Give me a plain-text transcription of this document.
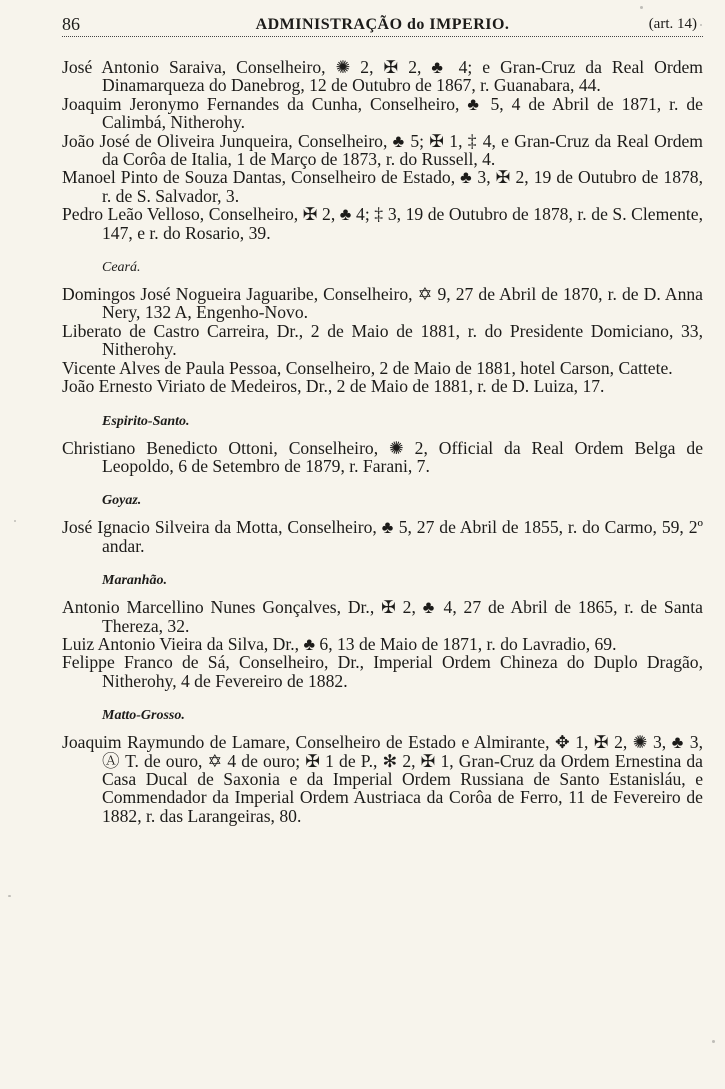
86	ADMINISTRAÇÃO do IMPERIO.	(art. 14)

José Antonio Saraiva, Conselheiro, ✺ 2, ✠ 2, ♣ 4; e Gran-Cruz da Real Ordem Dinamarqueza do Danebrog, 12 de Outubro de 1867, r. Guanabara, 44.

Joaquim Jeronymo Fernandes da Cunha, Conselheiro, ♣ 5, 4 de Abril de 1871, r. de Calimbá, Nitherohy.

João José de Oliveira Junqueira, Conselheiro, ♣ 5; ✠ 1, ‡ 4, e Gran-Cruz da Real Ordem da Corôa de Italia, 1 de Março de 1873, r. do Russell, 4.

Manoel Pinto de Souza Dantas, Conselheiro de Estado, ♣ 3, ✠ 2, 19 de Outubro de 1878, r. de S. Salvador, 3.

Pedro Leão Velloso, Conselheiro, ✠ 2, ♣ 4; ‡ 3, 19 de Outubro de 1878, r. de S. Clemente, 147, e r. do Rosario, 39.

Ceará.

Domingos José Nogueira Jaguaribe, Conselheiro, ✡ 9, 27 de Abril de 1870, r. de D. Anna Nery, 132 A, Engenho-Novo.

Liberato de Castro Carreira, Dr., 2 de Maio de 1881, r. do Presidente Domiciano, 33, Nitherohy.

Vicente Alves de Paula Pessoa, Conselheiro, 2 de Maio de 1881, hotel Carson, Cattete.

João Ernesto Viriato de Medeiros, Dr., 2 de Maio de 1881, r. de D. Luiza, 17.

Espirito-Santo.

Christiano Benedicto Ottoni, Conselheiro, ✺ 2, Official da Real Ordem Belga de Leopoldo, 6 de Setembro de 1879, r. Farani, 7.

Goyaz.

José Ignacio Silveira da Motta, Conselheiro, ♣ 5, 27 de Abril de 1855, r. do Carmo, 59, 2º andar.

Maranhão.

Antonio Marcellino Nunes Gonçalves, Dr., ✠ 2, ♣ 4, 27 de Abril de 1865, r. de Santa Thereza, 32.

Luiz Antonio Vieira da Silva, Dr., ♣ 6, 13 de Maio de 1871, r. do Lavradio, 69.

Felippe Franco de Sá, Conselheiro, Dr., Imperial Ordem Chineza do Duplo Dragão, Nitherohy, 4 de Fevereiro de 1882.

Matto-Grosso.

Joaquim Raymundo de Lamare, Conselheiro de Estado e Almirante, ✥ 1, ✠ 2, ✺ 3, ♣ 3, Ⓐ T. de ouro, ✡ 4 de ouro; ✠ 1 de P., ✻ 2, ✠ 1, Gran-Cruz da Ordem Ernestina da Casa Ducal de Saxonia e da Imperial Ordem Russiana de Santo Estanisláu, e Commendador da Imperial Ordem Austriaca da Corôa de Ferro, 11 de Fevereiro de 1882, r. das Larangeiras, 80.
